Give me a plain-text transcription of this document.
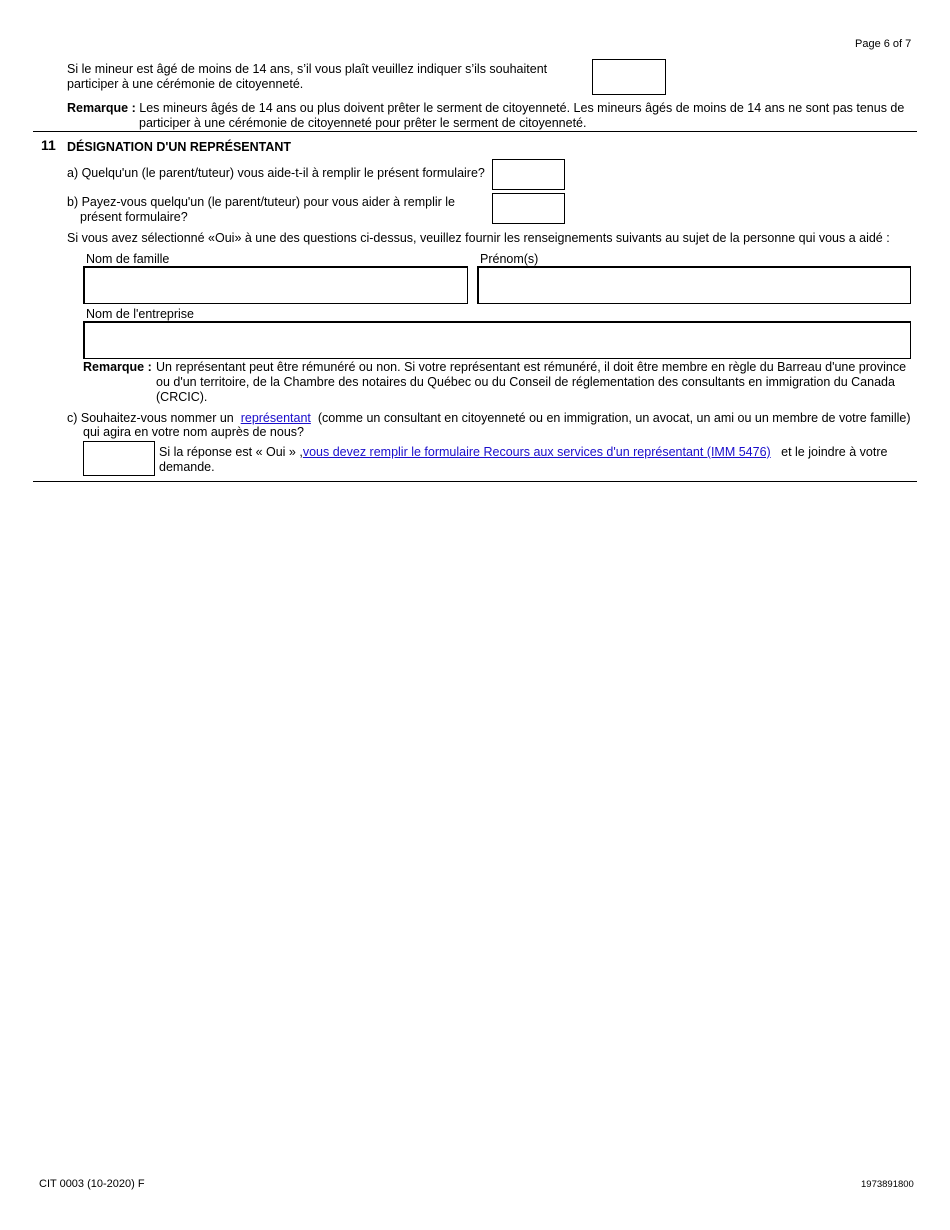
Page 6 of 7
Si le mineur est âgé de moins de 14 ans, s’il vous plaît veuillez indiquer s’ils souhaitent
participer à une cérémonie de citoyenneté.
Remarque : Les mineurs âgés de 14 ans ou plus doivent prêter le serment de citoyenneté. Les mineurs âgés de moins de 14 ans ne sont pas tenus de
participer à une cérémonie de citoyenneté pour prêter le serment de citoyenneté.
11 DÉSIGNATION D'UN REPRÉSENTANT
a) Quelqu'un (le parent/tuteur) vous aide-t-il à remplir le présent formulaire?
b) Payez-vous quelqu'un (le parent/tuteur) pour vous aider à remplir le
présent formulaire?
Si vous avez sélectionné «Oui» à une des questions ci-dessus, veuillez fournir les renseignements suivants au sujet de la personne qui vous a aidé :
Nom de famille	Prénom(s)
Nom de l'entreprise
Remarque : Un représentant peut être rémunéré ou non. Si votre représentant est rémunéré, il doit être membre en règle du Barreau d'une province
ou d'un territoire, de la Chambre des notaires du Québec ou du Conseil de réglementation des consultants en immigration du Canada
(CRCIC).
c) Souhaitez-vous nommer un représentant (comme un consultant en citoyenneté ou en immigration, un avocat, un ami ou un membre de votre famille)
qui agira en votre nom auprès de nous?
Si la réponse est « Oui » ,vous devez remplir le formulaire Recours aux services d'un représentant (IMM 5476) et le joindre à votre
demande.
CIT 0003 (10-2020) F	1973891800
